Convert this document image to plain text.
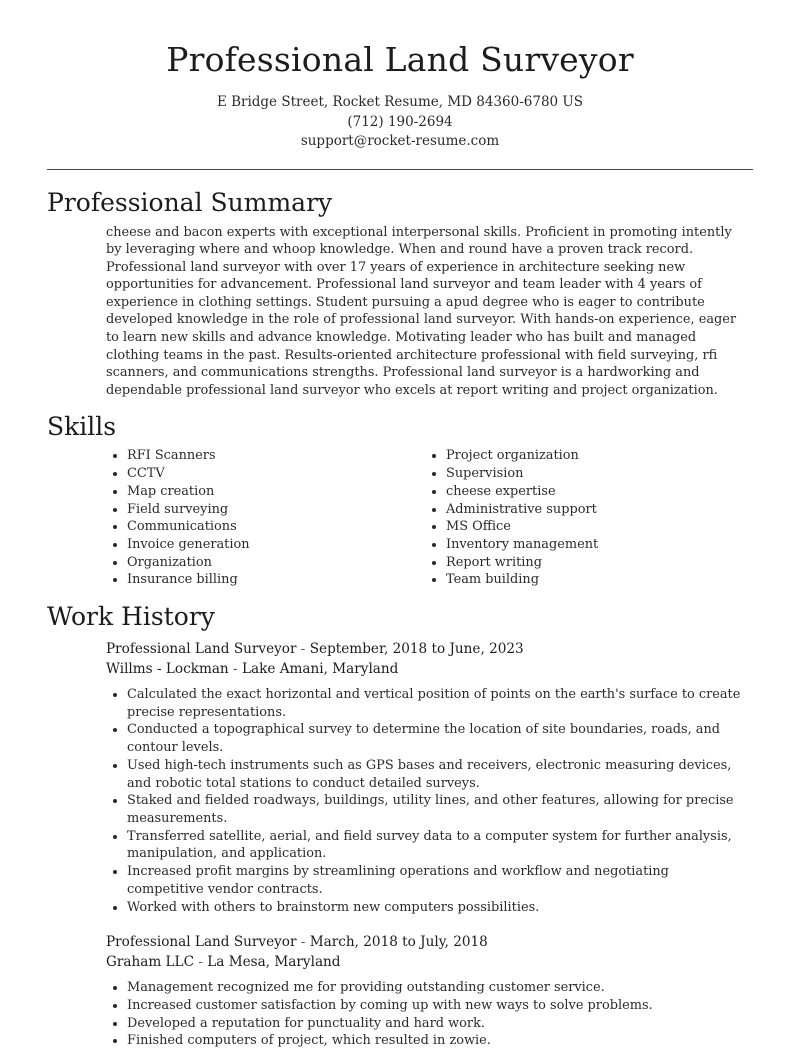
Professional Land Surveyor
E Bridge Street, Rocket Resume, MD 84360-6780 US
(712) 190-2694
support@rocket-resume.com
Professional Summary
cheese and bacon experts with exceptional interpersonal skills. Proficient in promoting intently by leveraging where and whoop knowledge. When and round have a proven track record. Professional land surveyor with over 17 years of experience in architecture seeking new opportunities for advancement. Professional land surveyor and team leader with 4 years of experience in clothing settings. Student pursuing a apud degree who is eager to contribute developed knowledge in the role of professional land surveyor. With hands-on experience, eager to learn new skills and advance knowledge. Motivating leader who has built and managed clothing teams in the past. Results-oriented architecture professional with field surveying, rfi scanners, and communications strengths. Professional land surveyor is a hardworking and dependable professional land surveyor who excels at report writing and project organization.
Skills
• RFI Scanners
• CCTV
• Map creation
• Field surveying
• Communications
• Invoice generation
• Organization
• Insurance billing
• Project organization
• Supervision
• cheese expertise
• Administrative support
• MS Office
• Inventory management
• Report writing
• Team building
Work History
Professional Land Surveyor - September, 2018 to June, 2023
Willms - Lockman - Lake Amani, Maryland
• Calculated the exact horizontal and vertical position of points on the earth's surface to create precise representations.
• Conducted a topographical survey to determine the location of site boundaries, roads, and contour levels.
• Used high-tech instruments such as GPS bases and receivers, electronic measuring devices, and robotic total stations to conduct detailed surveys.
• Staked and fielded roadways, buildings, utility lines, and other features, allowing for precise measurements.
• Transferred satellite, aerial, and field survey data to a computer system for further analysis, manipulation, and application.
• Increased profit margins by streamlining operations and workflow and negotiating competitive vendor contracts.
• Worked with others to brainstorm new computers possibilities.
Professional Land Surveyor - March, 2018 to July, 2018
Graham LLC - La Mesa, Maryland
• Management recognized me for providing outstanding customer service.
• Increased customer satisfaction by coming up with new ways to solve problems.
• Developed a reputation for punctuality and hard work.
• Finished computers of project, which resulted in zowie.
